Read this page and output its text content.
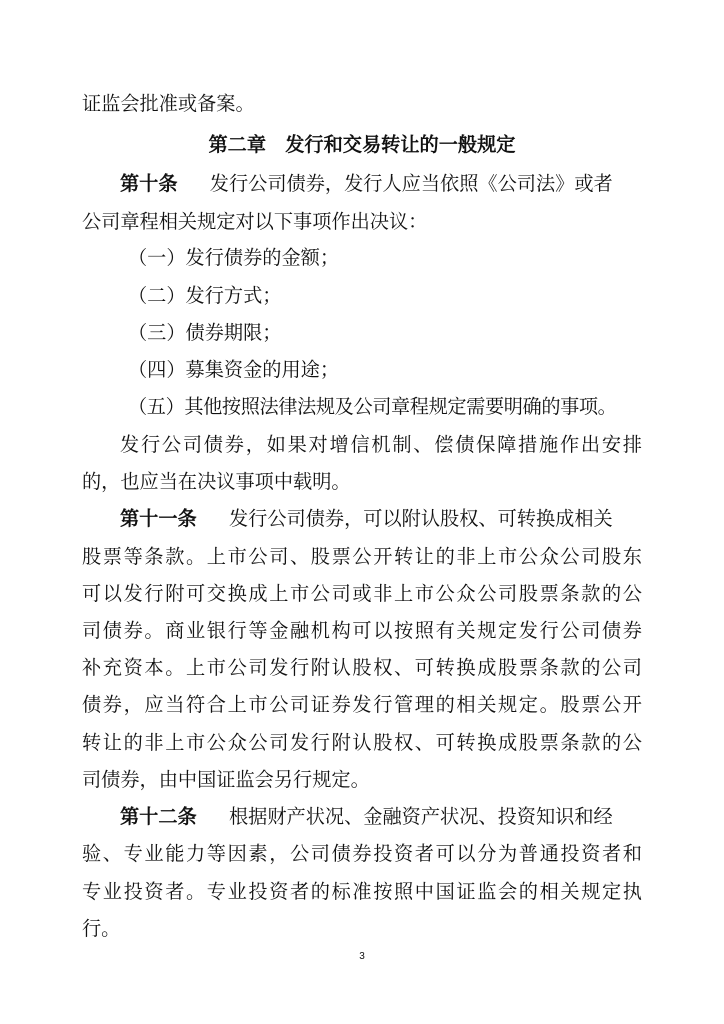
证监会批准或备案。
第二章　发行和交易转让的一般规定
第十条 发行公司债券，发行人应当依照《公司法》或者
公司章程相关规定对以下事项作出决议：
（一）发行债券的金额；
（二）发行方式；
（三）债券期限；
（四）募集资金的用途；
（五）其他按照法律法规及公司章程规定需要明确的事项。
发行公司债券，如果对增信机制、偿债保障措施作出安排
的，也应当在决议事项中载明。
第十一条 发行公司债券，可以附认股权、可转换成相关
股票等条款。上市公司、股票公开转让的非上市公众公司股东
可以发行附可交换成上市公司或非上市公众公司股票条款的公
司债券。商业银行等金融机构可以按照有关规定发行公司债券
补充资本。上市公司发行附认股权、可转换成股票条款的公司
债券，应当符合上市公司证券发行管理的相关规定。股票公开
转让的非上市公众公司发行附认股权、可转换成股票条款的公
司债券，由中国证监会另行规定。
第十二条 根据财产状况、金融资产状况、投资知识和经
验、专业能力等因素，公司债券投资者可以分为普通投资者和
专业投资者。专业投资者的标准按照中国证监会的相关规定执
行。
3
